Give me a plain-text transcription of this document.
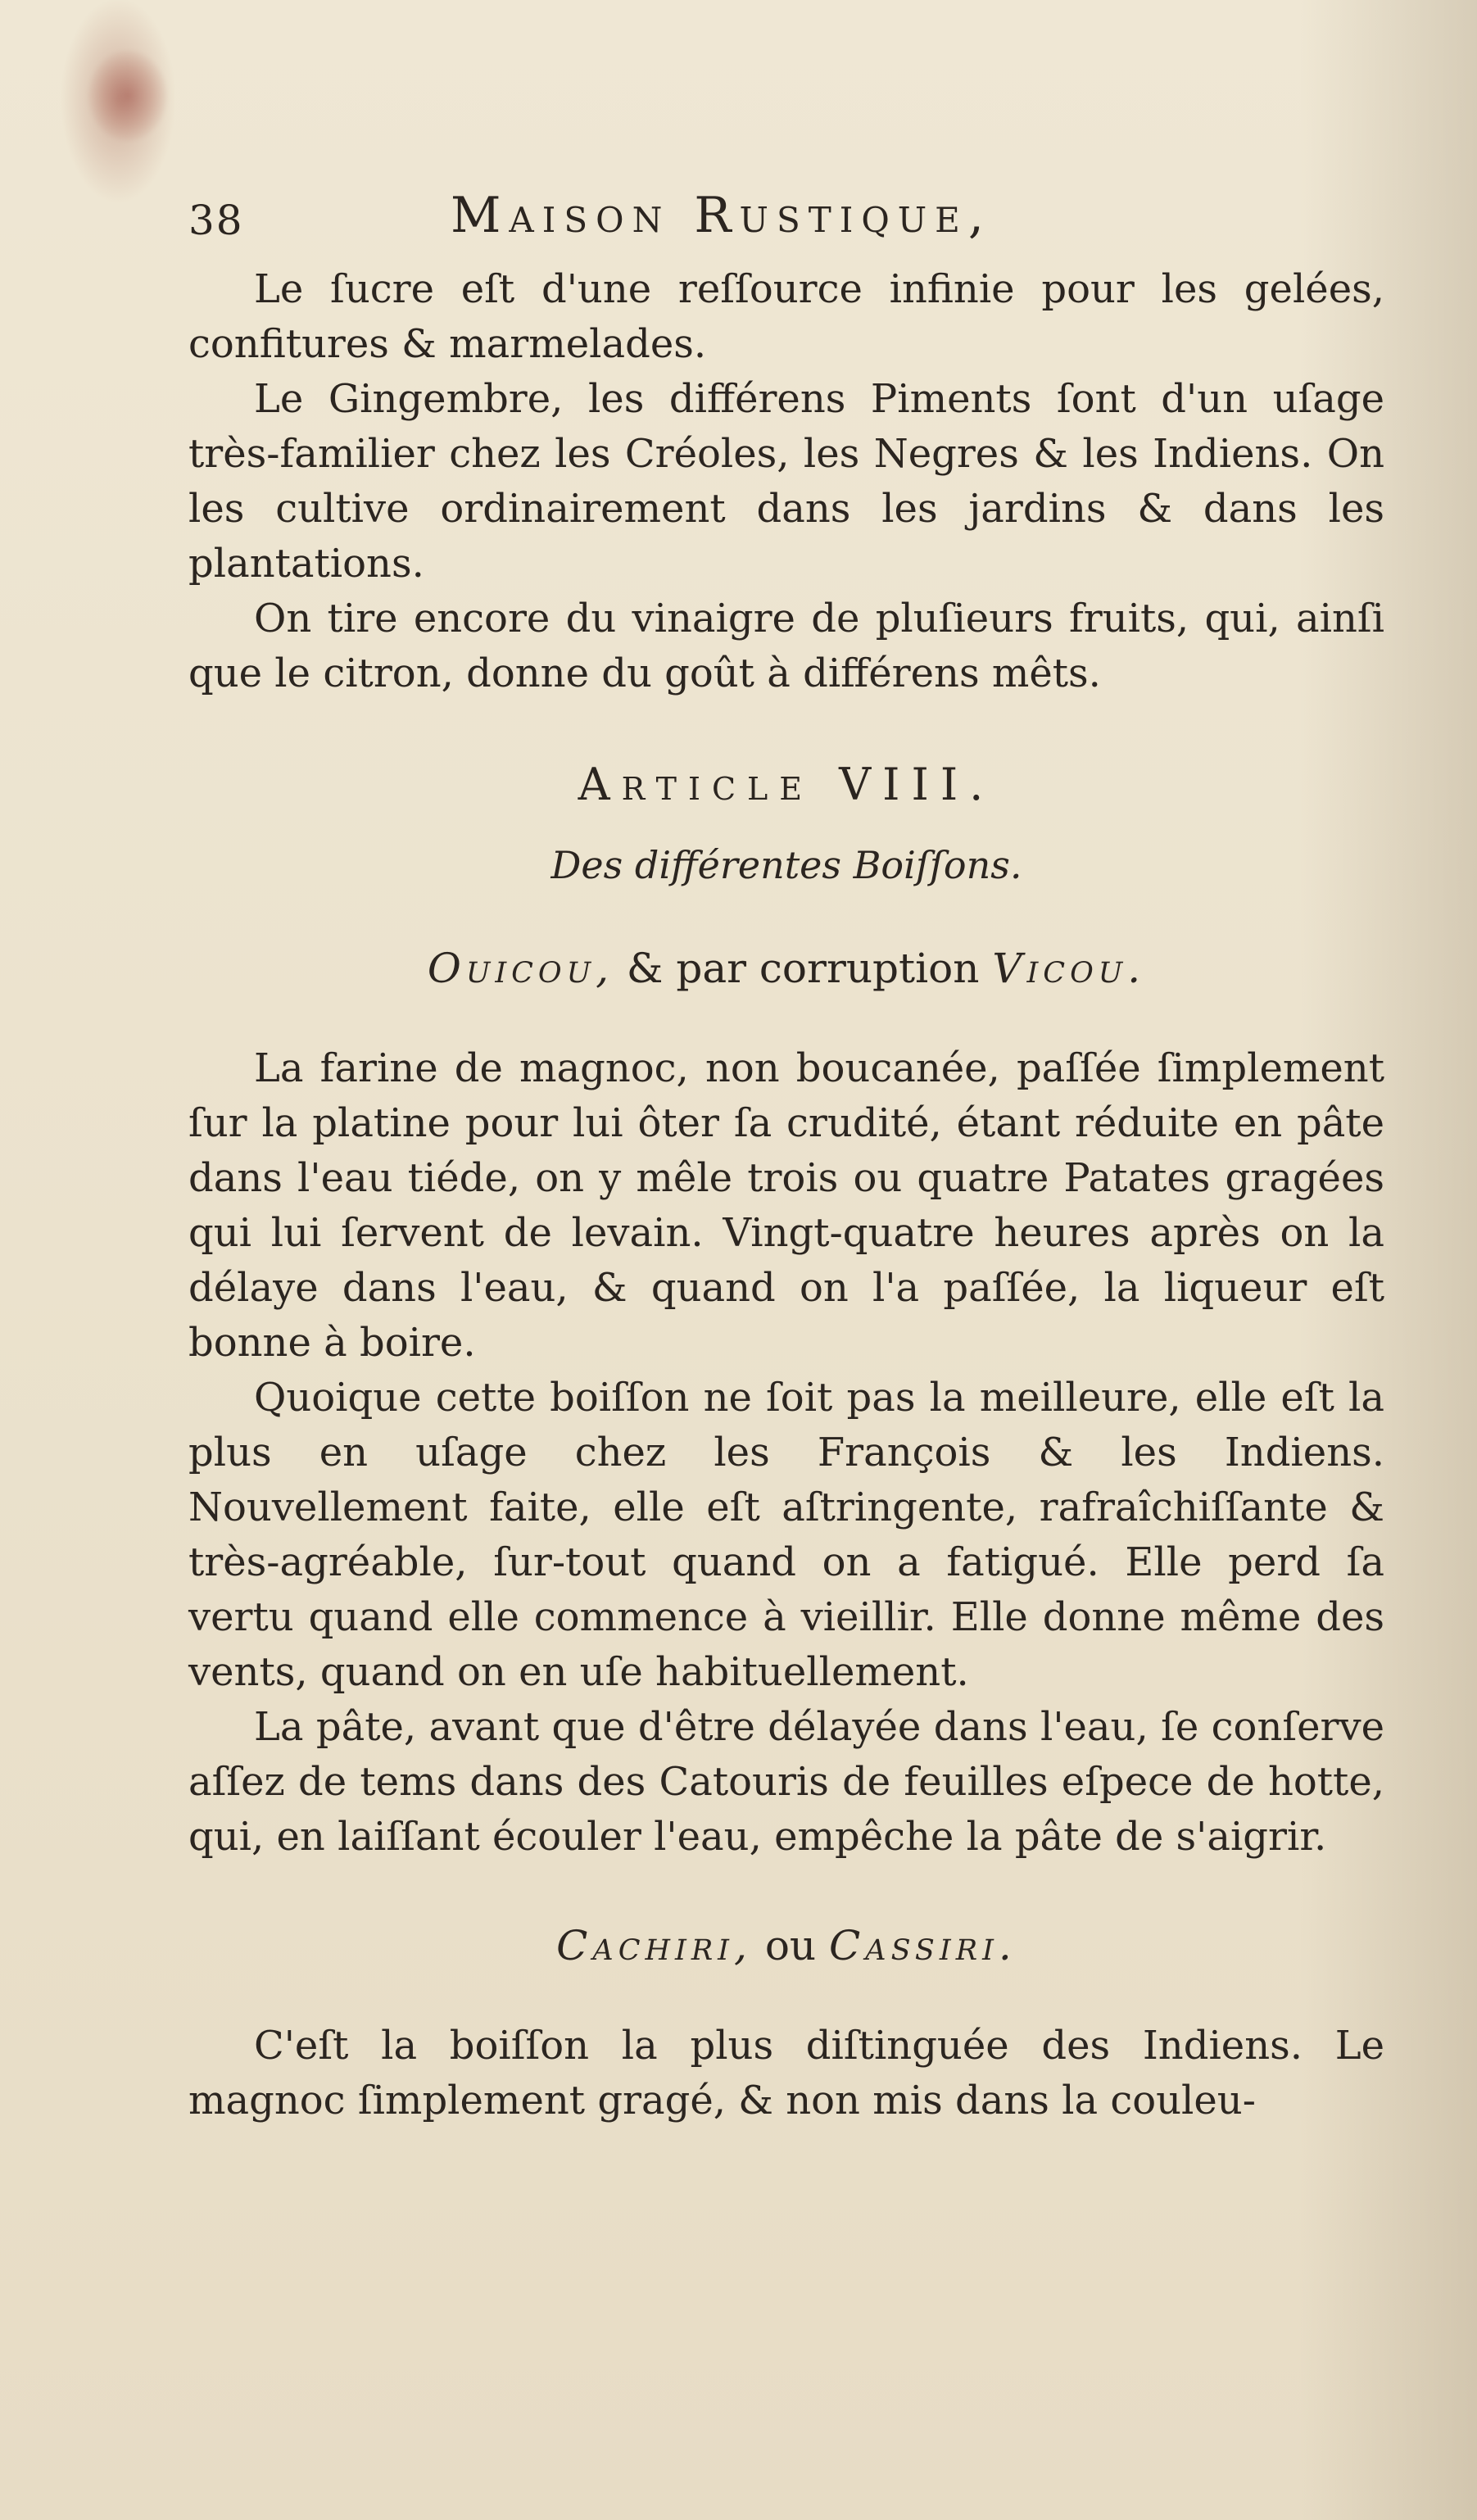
38	Maison Rustique,

Le ſucre eſt d'une reſſource infinie pour les gelées, confitures & marmelades.

Le Gingembre, les différens Piments ſont d'un uſage très-familier chez les Créoles, les Negres & les Indiens. On les cultive ordinairement dans les jardins & dans les plantations.

On tire encore du vinaigre de pluſieurs fruits, qui, ainſi que le citron, donne du goût à différens mêts.

Article VIII.
Des différentes Boiſſons.
Ouicou, & par corruption Vicou.

La farine de magnoc, non boucanée, paſſée ſimplement ſur la platine pour lui ôter ſa crudité, étant réduite en pâte dans l'eau tiéde, on y mêle trois ou quatre Patates gragées qui lui ſervent de levain. Vingt-quatre heures après on la délaye dans l'eau, & quand on l'a paſſée, la liqueur eſt bonne à boire.

Quoique cette boiſſon ne ſoit pas la meilleure, elle eſt la plus en uſage chez les François & les Indiens. Nouvellement faite, elle eſt aſtringente, rafraîchiſſante & très-agréable, ſur-tout quand on a fatigué. Elle perd ſa vertu quand elle commence à vieillir. Elle donne même des vents, quand on en uſe habituellement.

La pâte, avant que d'être délayée dans l'eau, ſe conſerve aſſez de tems dans des Catouris de feuilles eſpece de hotte, qui, en laiſſant écouler l'eau, empêche la pâte de s'aigrir.

Cachiri, ou Cassiri.

C'eſt la boiſſon la plus diſtinguée des Indiens. Le magnoc ſimplement gragé, & non mis dans la couleu-
